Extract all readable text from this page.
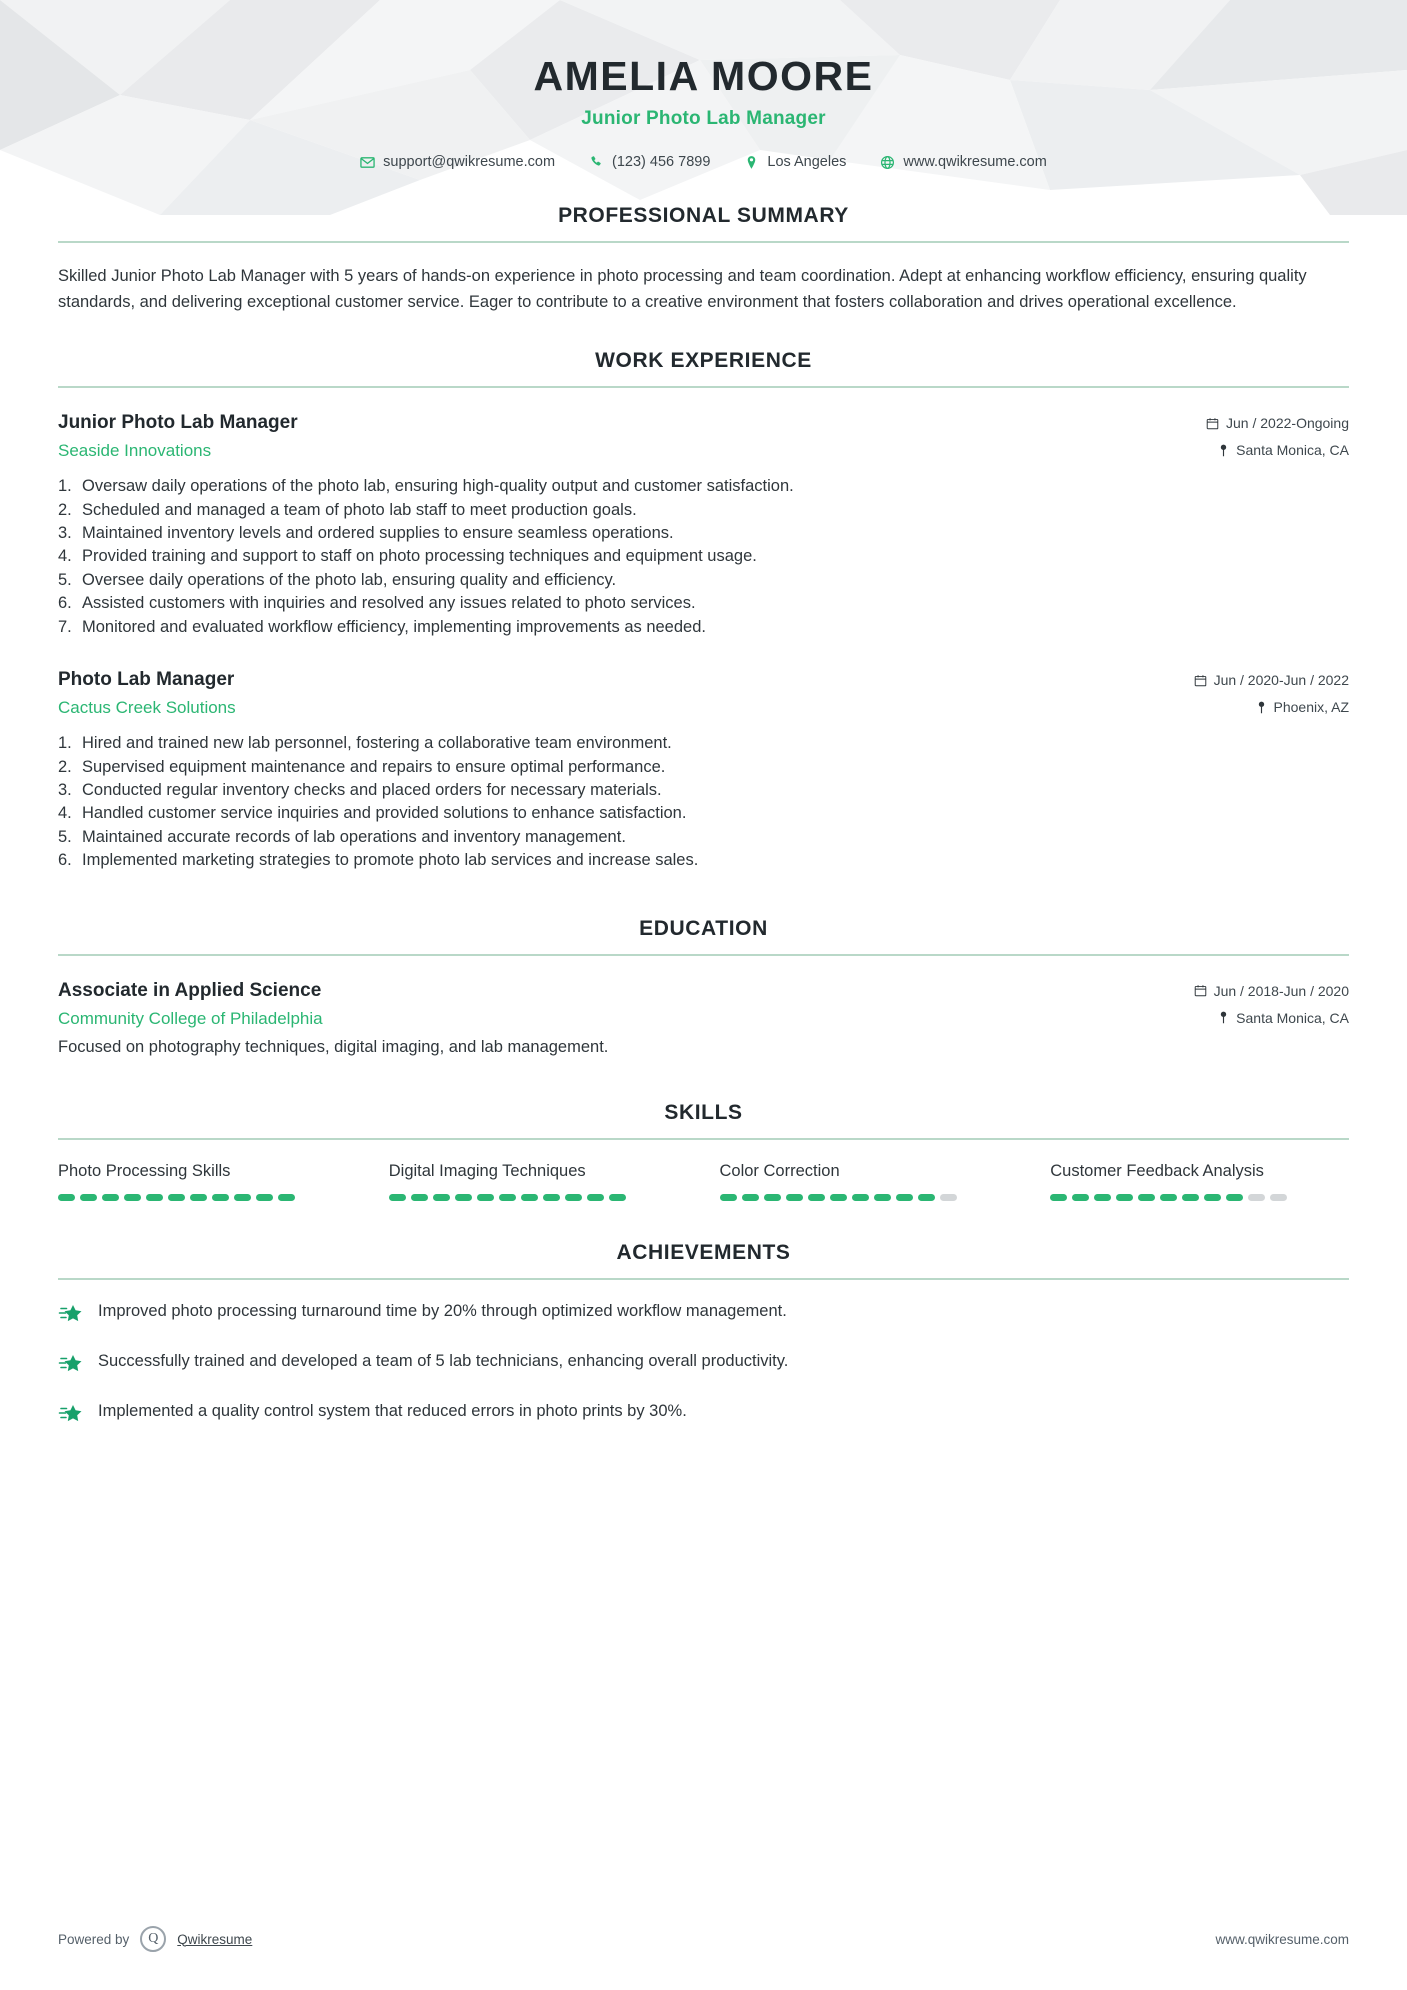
AMELIA MOORE
Junior Photo Lab Manager
support@qwikresume.com	(123) 456 7899	Los Angeles	www.qwikresume.com
PROFESSIONAL SUMMARY
Skilled Junior Photo Lab Manager with 5 years of hands-on experience in photo processing and team coordination. Adept at enhancing workflow efficiency, ensuring quality standards, and delivering exceptional customer service. Eager to contribute to a creative environment that fosters collaboration and drives operational excellence.
WORK EXPERIENCE
Junior Photo Lab Manager
Seaside Innovations
Jun / 2022-Ongoing
Santa Monica, CA
1. Oversaw daily operations of the photo lab, ensuring high-quality output and customer satisfaction.
2. Scheduled and managed a team of photo lab staff to meet production goals.
3. Maintained inventory levels and ordered supplies to ensure seamless operations.
4. Provided training and support to staff on photo processing techniques and equipment usage.
5. Oversee daily operations of the photo lab, ensuring quality and efficiency.
6. Assisted customers with inquiries and resolved any issues related to photo services.
7. Monitored and evaluated workflow efficiency, implementing improvements as needed.
Photo Lab Manager
Cactus Creek Solutions
Jun / 2020-Jun / 2022
Phoenix, AZ
1. Hired and trained new lab personnel, fostering a collaborative team environment.
2. Supervised equipment maintenance and repairs to ensure optimal performance.
3. Conducted regular inventory checks and placed orders for necessary materials.
4. Handled customer service inquiries and provided solutions to enhance satisfaction.
5. Maintained accurate records of lab operations and inventory management.
6. Implemented marketing strategies to promote photo lab services and increase sales.
EDUCATION
Associate in Applied Science
Community College of Philadelphia
Jun / 2018-Jun / 2020
Santa Monica, CA
Focused on photography techniques, digital imaging, and lab management.
SKILLS
Photo Processing Skills	Digital Imaging Techniques	Color Correction	Customer Feedback Analysis
ACHIEVEMENTS
Improved photo processing turnaround time by 20% through optimized workflow management.
Successfully trained and developed a team of 5 lab technicians, enhancing overall productivity.
Implemented a quality control system that reduced errors in photo prints by 30%.
Powered by	Q	Qwikresume	www.qwikresume.com
